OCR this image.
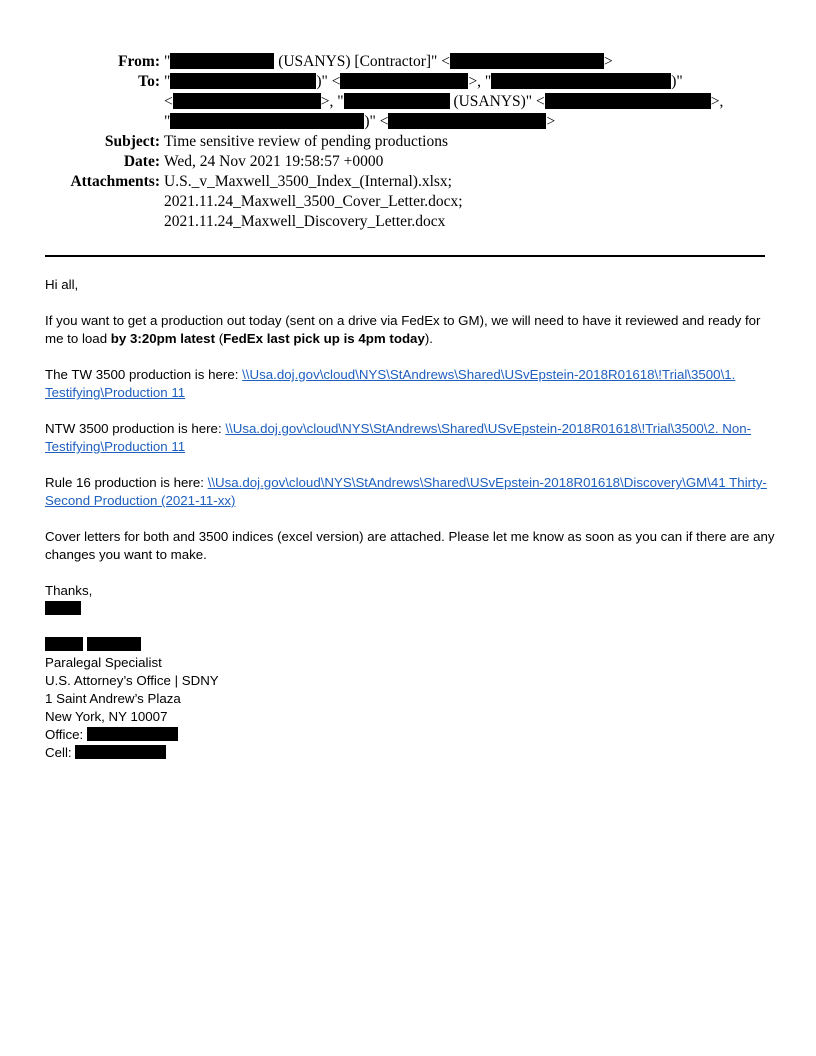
From: "	(USANYS) [Contractor]" <	>
To: "	)" <	>, "	)"
<	>, "	(USANYS)" <	>,
"	)" <	>
Subject: Time sensitive review of pending productions
Date: Wed, 24 Nov 2021 19:58:57 +0000
Attachments: U.S._v_Maxwell_3500_Index_(Internal).xlsx;
2021.11.24_Maxwell_3500_Cover_Letter.docx;
2021.11.24_Maxwell_Discovery_Letter.docx

Hi all,

If you want to get a production out today (sent on a drive via FedEx to GM), we will need to have it reviewed and ready for me to load by 3:20pm latest (FedEx last pick up is 4pm today).

The TW 3500 production is here: \\Usa.doj.gov\cloud\NYS\StAndrews\Shared\USvEpstein-2018R01618\!Trial\3500\1. Testifying\Production 11

NTW 3500 production is here: \\Usa.doj.gov\cloud\NYS\StAndrews\Shared\USvEpstein-2018R01618\!Trial\3500\2. Non-Testifying\Production 11

Rule 16 production is here: \\Usa.doj.gov\cloud\NYS\StAndrews\Shared\USvEpstein-2018R01618\Discovery\GM\41 Thirty-Second Production (2021-11-xx)

Cover letters for both and 3500 indices (excel version) are attached. Please let me know as soon as you can if there are any changes you want to make.

Thanks,

Paralegal Specialist
U.S. Attorney’s Office | SDNY
1 Saint Andrew’s Plaza
New York, NY 10007
Office:
Cell:
